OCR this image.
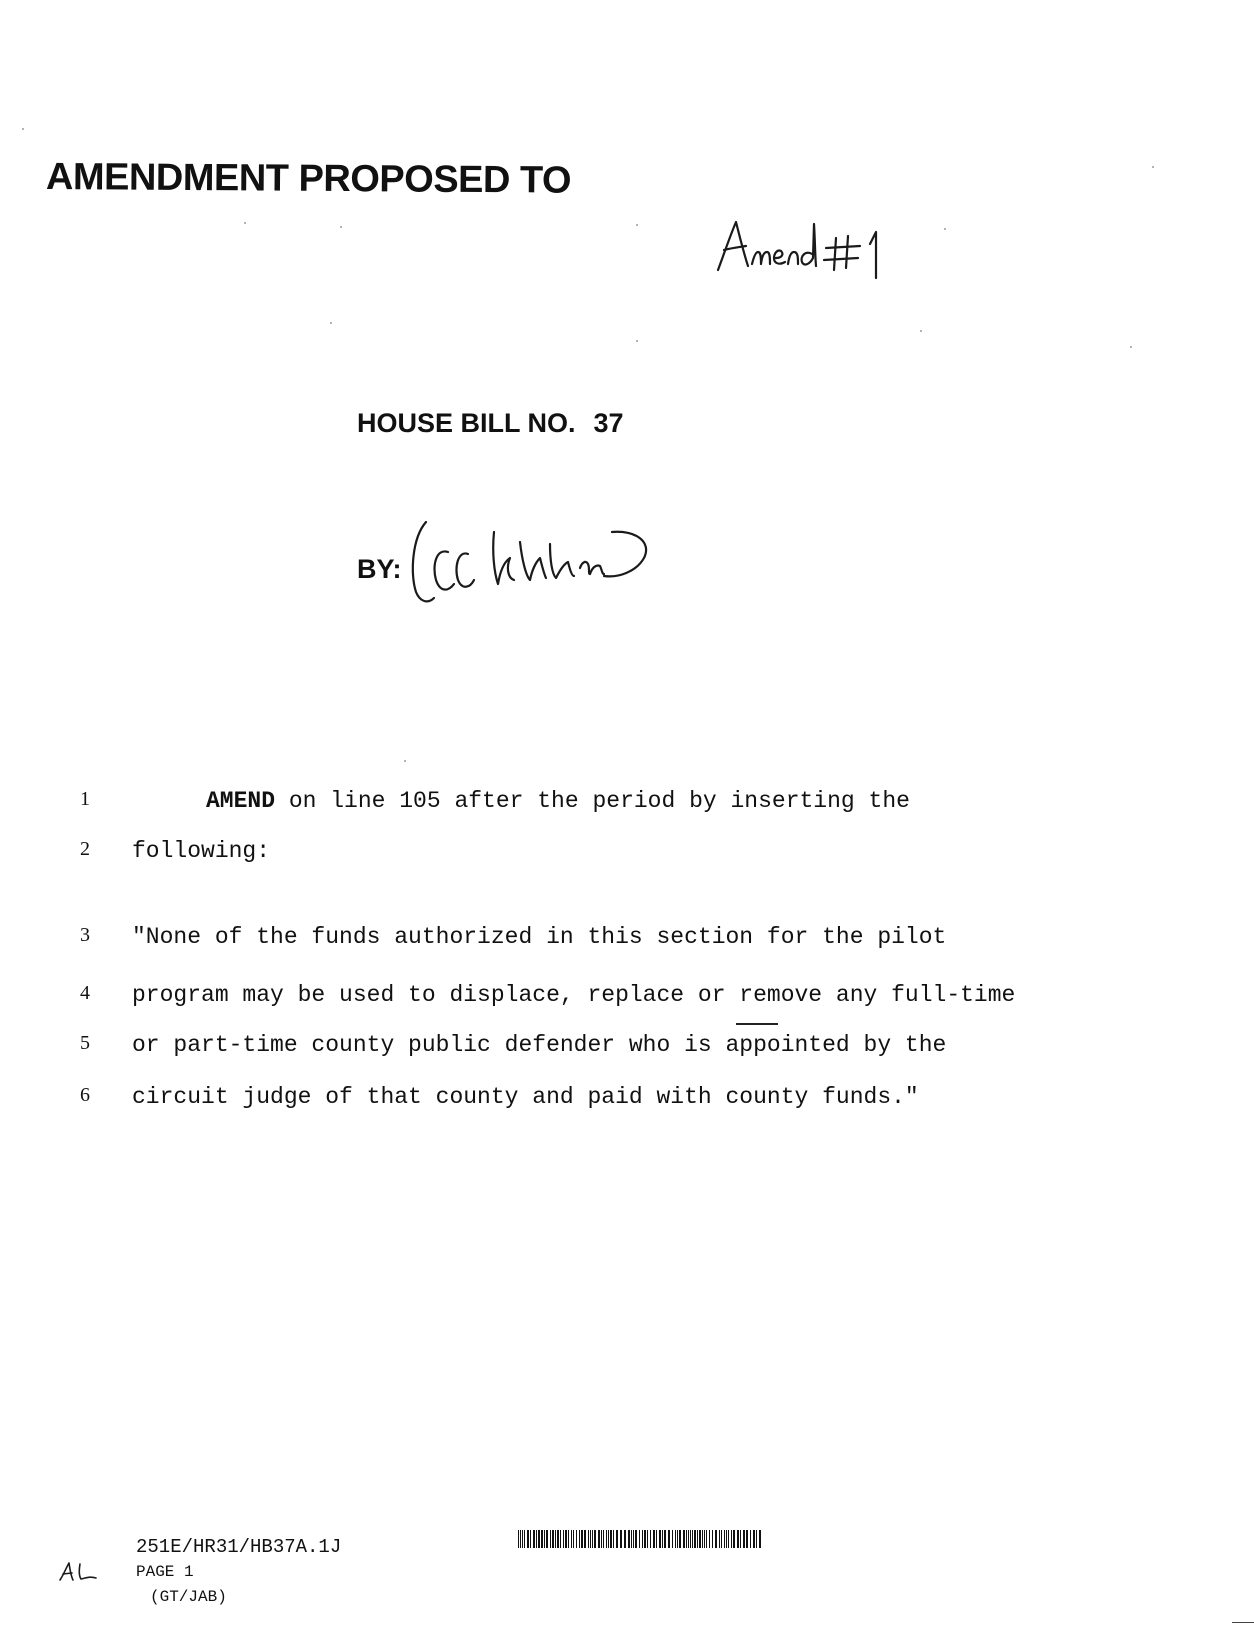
AMENDMENT PROPOSED TO
HOUSE BILL NO. 37
BY:
1	AMEND on line 105 after the period by inserting the
2	following:
3	"None of the funds authorized in this section for the pilot
4	program may be used to displace, replace or remove any full-time
5	or part-time county public defender who is appointed by the
6	circuit judge of that county and paid with county funds."
251E/HR31/HB37A.1J
PAGE 1
(GT/JAB)
